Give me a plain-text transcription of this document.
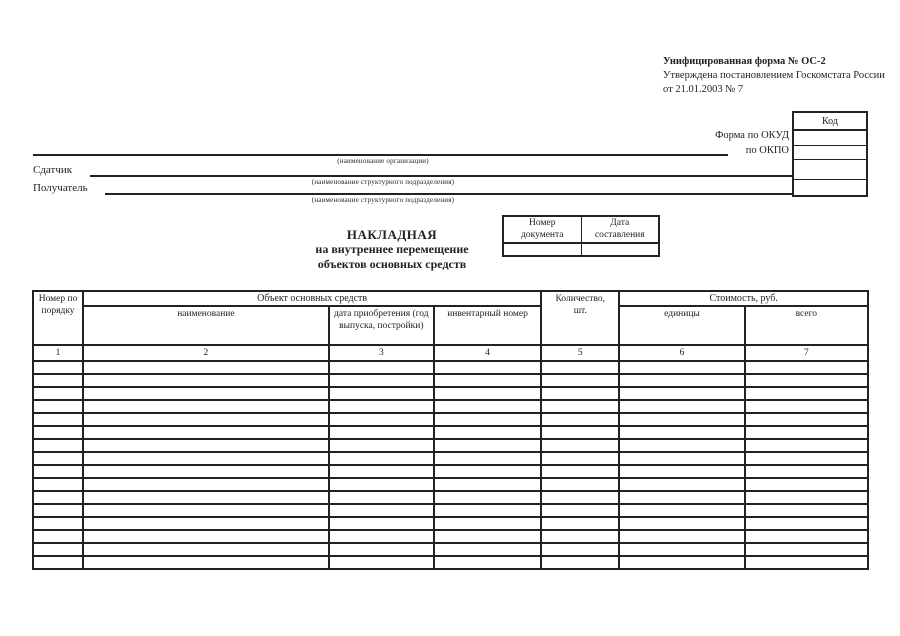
Унифицированная форма № ОС-2
Утверждена постановлением Госкомстата России
от 21.01.2003 № 7
Код

Форма по ОКУД
по ОКПО
(наименование организации)
Сдатчик
(наименование структурного подразделения)
Получатель
(наименование структурного подразделения)
НАКЛАДНАЯ
на внутреннее перемещение
объектов основных средств
Номер документа	Дата составления

Номер по порядку	Объект основных средств			Количество, шт.	Стоимость, руб.	
	наименование	дата приобретения (год выпуска, постройки)	инвентарный номер		единицы	всего
1	2	3	4	5	6	7
